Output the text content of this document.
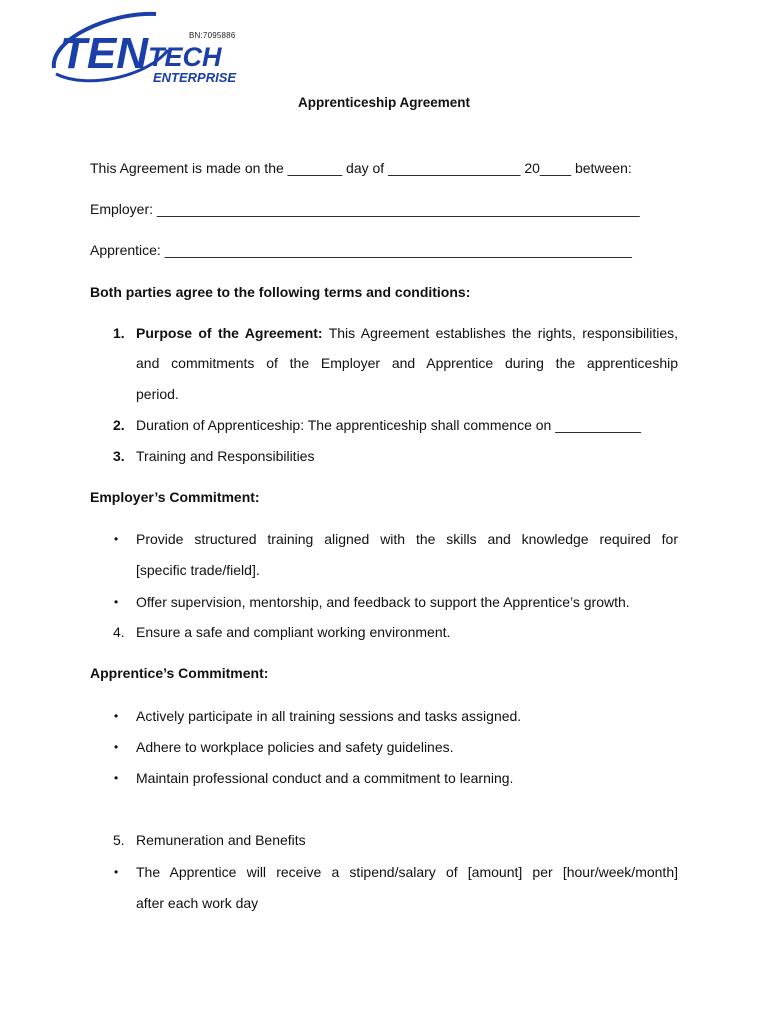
TEN TECH
ENTERPRISE
BN:7095886
Apprenticeship Agreement
This Agreement is made on the _______ day of _________________ 20____ between:
Employer: ______________________________________________________________
Apprentice: ____________________________________________________________
Both parties agree to the following terms and conditions:
1. Purpose of the Agreement: This Agreement establishes the rights, responsibilities,
and commitments of the Employer and Apprentice during the apprenticeship
period.
2. Duration of Apprenticeship: The apprenticeship shall commence on ___________
3. Training and Responsibilities
Employer’s Commitment:
• Provide structured training aligned with the skills and knowledge required for
[specific trade/field].
• Offer supervision, mentorship, and feedback to support the Apprentice’s growth.
4. Ensure a safe and compliant working environment.
Apprentice’s Commitment:
• Actively participate in all training sessions and tasks assigned.
• Adhere to workplace policies and safety guidelines.
• Maintain professional conduct and a commitment to learning.
5. Remuneration and Benefits
• The Apprentice will receive a stipend/salary of [amount] per [hour/week/month]
after each work day
